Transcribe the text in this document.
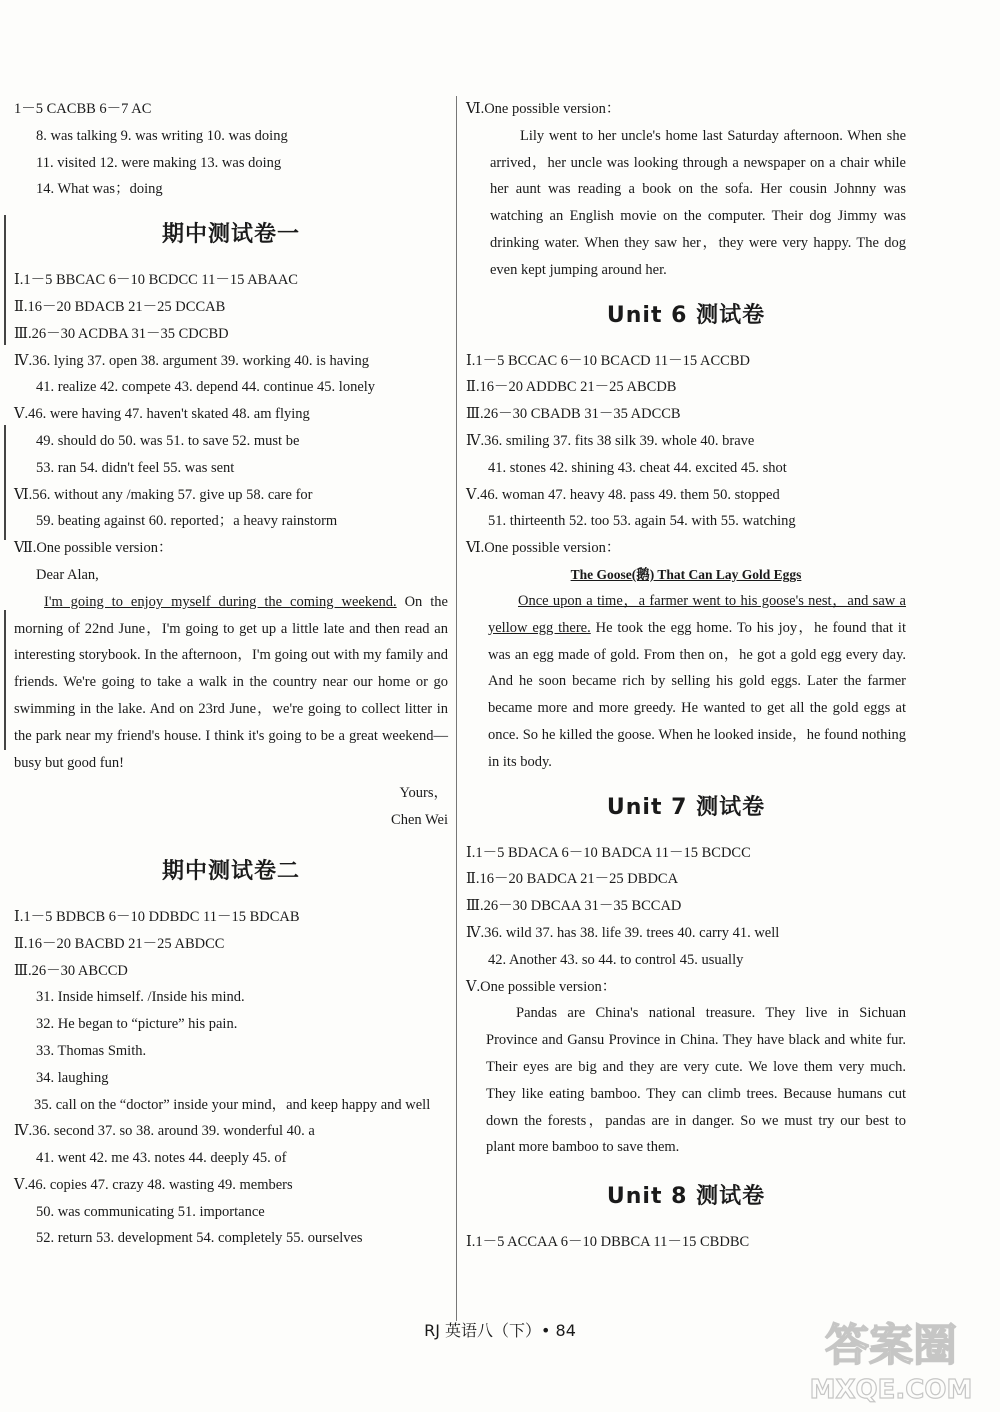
1－5 CACBB 6－7 AC
8. was talking 9. was writing 10. was doing
11. visited 12. were making 13. was doing
14. What was；doing
期中测试卷一
Ⅰ.1－5 BBCAC 6－10 BCDCC 11－15 ABAAC
Ⅱ.16－20 BDACB 21－25 DCCAB
Ⅲ.26－30 ACDBA 31－35 CDCBD
Ⅳ.36. lying 37. open 38. argument 39. working 40. is having
41. realize 42. compete 43. depend 44. continue 45. lonely
Ⅴ.46. were having 47. haven't skated 48. am flying
49. should do 50. was 51. to save 52. must be
53. ran 54. didn't feel 55. was sent
Ⅵ.56. without any /making 57. give up 58. care for
59. beating against 60. reported；a heavy rainstorm
Ⅶ.One possible version：
Dear Alan,
I'm going to enjoy myself during the coming weekend. On the morning of 22nd June，I'm going to get up a little late and then read an interesting storybook. In the afternoon，I'm going out with my family and friends. We're going to take a walk in the country near our home or go swimming in the lake. And on 23rd June，we're going to collect litter in the park near my friend's house. I think it's going to be a great weekend—busy but good fun!
Yours，
Chen Wei
期中测试卷二
Ⅰ.1－5 BDBCB 6－10 DDBDC 11－15 BDCAB
Ⅱ.16－20 BACBD 21－25 ABDCC
Ⅲ.26－30 ABCCD
31. Inside himself. /Inside his mind.
32. He began to “picture” his pain.
33. Thomas Smith.
34. laughing
35. call on the “doctor” inside your mind，and keep happy and well
Ⅳ.36. second 37. so 38. around 39. wonderful 40. a
41. went 42. me 43. notes 44. deeply 45. of
Ⅴ.46. copies 47. crazy 48. wasting 49. members
50. was communicating 51. importance
52. return 53. development 54. completely 55. ourselves
Ⅵ.One possible version：
Lily went to her uncle's home last Saturday afternoon. When she arrived，her uncle was looking through a newspaper on a chair while her aunt was reading a book on the sofa. Her cousin Johnny was watching an English movie on the computer. Their dog Jimmy was drinking water. When they saw her，they were very happy. The dog even kept jumping around her.
Unit 6 测试卷
Ⅰ.1－5 BCCAC 6－10 BCACD 11－15 ACCBD
Ⅱ.16－20 ADDBC 21－25 ABCDB
Ⅲ.26－30 CBADB 31－35 ADCCB
Ⅳ.36. smiling 37. fits 38 silk 39. whole 40. brave
41. stones 42. shining 43. cheat 44. excited 45. shot
Ⅴ.46. woman 47. heavy 48. pass 49. them 50. stopped
51. thirteenth 52. too 53. again 54. with 55. watching
Ⅵ.One possible version：
The Goose(鹅) That Can Lay Gold Eggs
Once upon a time，a farmer went to his goose's nest，and saw a yellow egg there. He took the egg home. To his joy，he found that it was an egg made of gold. From then on，he got a gold egg every day. And he soon became rich by selling his gold eggs. Later the farmer became more and more greedy. He wanted to get all the gold eggs at once. So he killed the goose. When he looked inside，he found nothing in its body.
Unit 7 测试卷
Ⅰ.1－5 BDACA 6－10 BADCA 11－15 BCDCC
Ⅱ.16－20 BADCA 21－25 DBDCA
Ⅲ.26－30 DBCAA 31－35 BCCAD
Ⅳ.36. wild 37. has 38. life 39. trees 40. carry 41. well
42. Another 43. so 44. to control 45. usually
Ⅴ.One possible version：
Pandas are China's national treasure. They live in Sichuan Province and Gansu Province in China. They have black and white fur. Their eyes are big and they are very cute. We love them very much. They like eating bamboo. They can climb trees. Because humans cut down the forests，pandas are in danger. So we must try our best to plant more bamboo to save them.
Unit 8 测试卷
Ⅰ.1－5 ACCAA 6－10 DBBCA 11－15 CBDBC
RJ 英语八（下）• 84	答案圈
MXQE.COM
